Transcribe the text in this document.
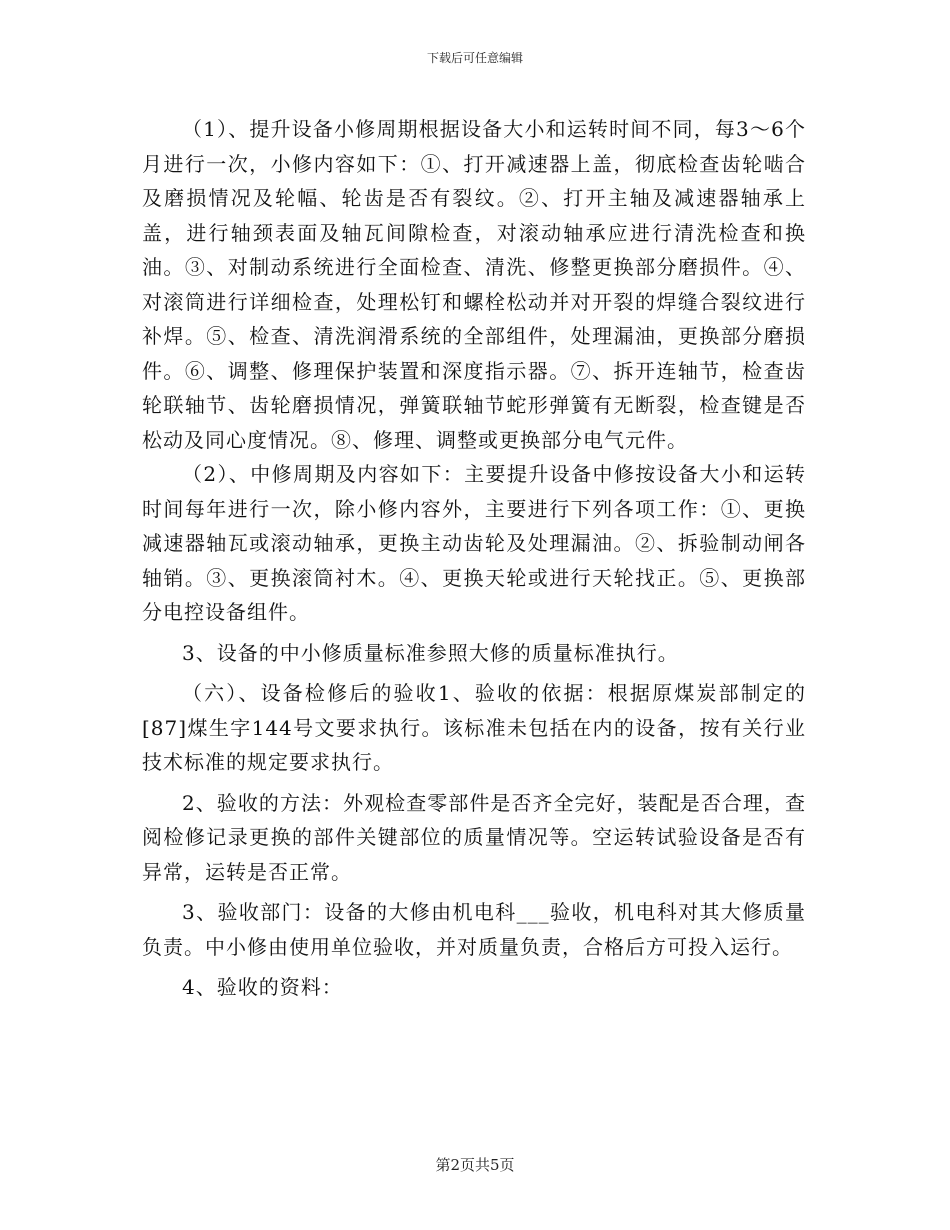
下载后可任意编辑

（1）、提升设备小修周期根据设备大小和运转时间不同，每3～6个月进行一次，小修内容如下：①、打开减速器上盖，彻底检查齿轮啮合及磨损情况及轮幅、轮齿是否有裂纹。②、打开主轴及减速器轴承上盖，进行轴颈表面及轴瓦间隙检查，对滚动轴承应进行清洗检查和换油。③、对制动系统进行全面检查、清洗、修整更换部分磨损件。④、对滚筒进行详细检查，处理松钉和螺栓松动并对开裂的焊缝合裂纹进行补焊。⑤、检查、清洗润滑系统的全部组件，处理漏油，更换部分磨损件。⑥、调整、修理保护装置和深度指示器。⑦、拆开连轴节，检查齿轮联轴节、齿轮磨损情况，弹簧联轴节蛇形弹簧有无断裂，检查键是否松动及同心度情况。⑧、修理、调整或更换部分电气元件。

（2）、中修周期及内容如下：主要提升设备中修按设备大小和运转时间每年进行一次，除小修内容外，主要进行下列各项工作：①、更换减速器轴瓦或滚动轴承，更换主动齿轮及处理漏油。②、拆验制动闸各轴销。③、更换滚筒衬木。④、更换天轮或进行天轮找正。⑤、更换部分电控设备组件。

3、设备的中小修质量标准参照大修的质量标准执行。

（六）、设备检修后的验收1、验收的依据：根据原煤炭部制定的[87]煤生字144号文要求执行。该标准未包括在内的设备，按有关行业技术标准的规定要求执行。

2、验收的方法：外观检查零部件是否齐全完好，装配是否合理，查阅检修记录更换的部件关键部位的质量情况等。空运转试验设备是否有异常，运转是否正常。

3、验收部门：设备的大修由机电科___验收，机电科对其大修质量负责。中小修由使用单位验收，并对质量负责，合格后方可投入运行。

4、验收的资料：

第2页共5页
